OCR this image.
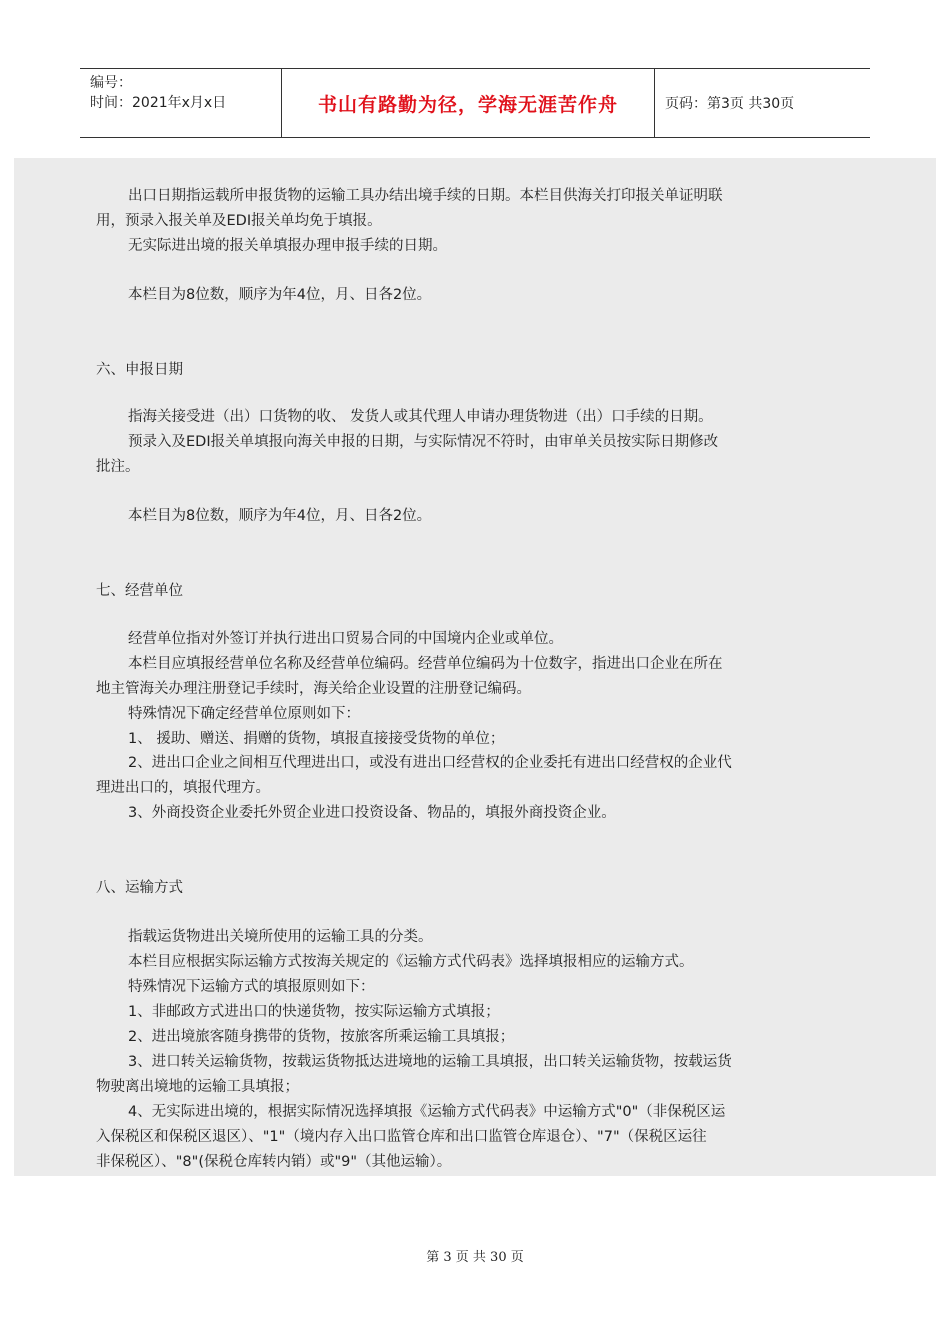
编号：
时间：2021年x月x日	书山有路勤为径，学海无涯苦作舟	页码：第3页 共30页
出口日期指运载所申报货物的运输工具办结出境手续的日期。本栏目供海关打印报关单证明联
用，预录入报关单及EDI报关单均免于填报。
无实际进出境的报关单填报办理申报手续的日期。
本栏目为8位数，顺序为年4位，月、日各2位。
六、申报日期
指海关接受进（出）口货物的收、 发货人或其代理人申请办理货物进（出）口手续的日期。
预录入及EDI报关单填报向海关申报的日期，与实际情况不符时，由审单关员按实际日期修改
批注。
本栏目为8位数，顺序为年4位，月、日各2位。
七、经营单位
经营单位指对外签订并执行进出口贸易合同的中国境内企业或单位。
本栏目应填报经营单位名称及经营单位编码。经营单位编码为十位数字，指进出口企业在所在
地主管海关办理注册登记手续时，海关给企业设置的注册登记编码。
特殊情况下确定经营单位原则如下：
1、 援助、赠送、捐赠的货物，填报直接接受货物的单位；
2、进出口企业之间相互代理进出口，或没有进出口经营权的企业委托有进出口经营权的企业代
理进出口的，填报代理方。
3、外商投资企业委托外贸企业进口投资设备、物品的，填报外商投资企业。
八、运输方式
指载运货物进出关境所使用的运输工具的分类。
本栏目应根据实际运输方式按海关规定的《运输方式代码表》选择填报相应的运输方式。
特殊情况下运输方式的填报原则如下：
1、非邮政方式进出口的快递货物，按实际运输方式填报；
2、进出境旅客随身携带的货物，按旅客所乘运输工具填报；
3、进口转关运输货物，按载运货物抵达进境地的运输工具填报，出口转关运输货物，按载运货
物驶离出境地的运输工具填报；
4、无实际进出境的，根据实际情况选择填报《运输方式代码表》中运输方式"0"（非保税区运
入保税区和保税区退区）、"1"（境内存入出口监管仓库和出口监管仓库退仓）、"7"（保税区运往
非保税区）、"8"(保税仓库转内销）或"9"（其他运输）。
第 3 页 共 30 页
